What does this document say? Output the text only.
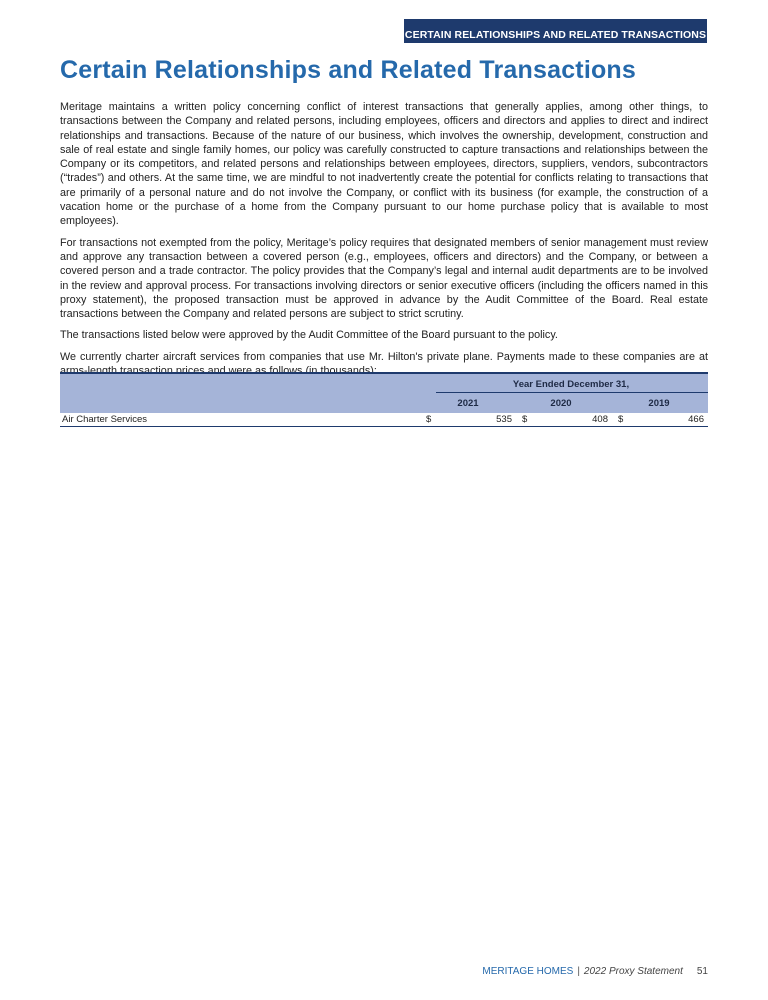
CERTAIN RELATIONSHIPS AND RELATED TRANSACTIONS
Certain Relationships and Related Transactions

Meritage maintains a written policy concerning conflict of interest transactions that generally applies, among other things, to transactions between the Company and related persons, including employees, officers and directors and applies to direct and indirect relationships and transactions. Because of the nature of our business, which involves the ownership, development, construction and sale of real estate and single family homes, our policy was carefully constructed to capture transactions and relationships between the Company or its competitors, and related persons and relationships between employees, directors, suppliers, vendors, subcontractors (“trades”) and others. At the same time, we are mindful to not inadvertently create the potential for conflicts relating to transactions that are primarily of a personal nature and do not involve the Company, or conflict with its business (for example, the construction of a vacation home or the purchase of a home from the Company pursuant to our home purchase policy that is available to most employees).

For transactions not exempted from the policy, Meritage’s policy requires that designated members of senior management must review and approve any transaction between a covered person (e.g., employees, officers and directors) and the Company, or between a covered person and a trade contractor. The policy provides that the Company’s legal and internal audit departments are to be involved in the review and approval process. For transactions involving directors or senior executive officers (including the officers named in this proxy statement), the proposed transaction must be approved in advance by the Audit Committee of the Board. Real estate transactions between the Company and related persons are subject to strict scrutiny.

The transactions listed below were approved by the Audit Committee of the Board pursuant to the policy.

We currently charter aircraft services from companies that use Mr. Hilton's private plane. Payments made to these companies are at

Year Ended December 31,
2021	2020	2019
Air Charter Services	$	535 $	408 $	466
MERITAGE HOMES | 2022 Proxy Statement 51
